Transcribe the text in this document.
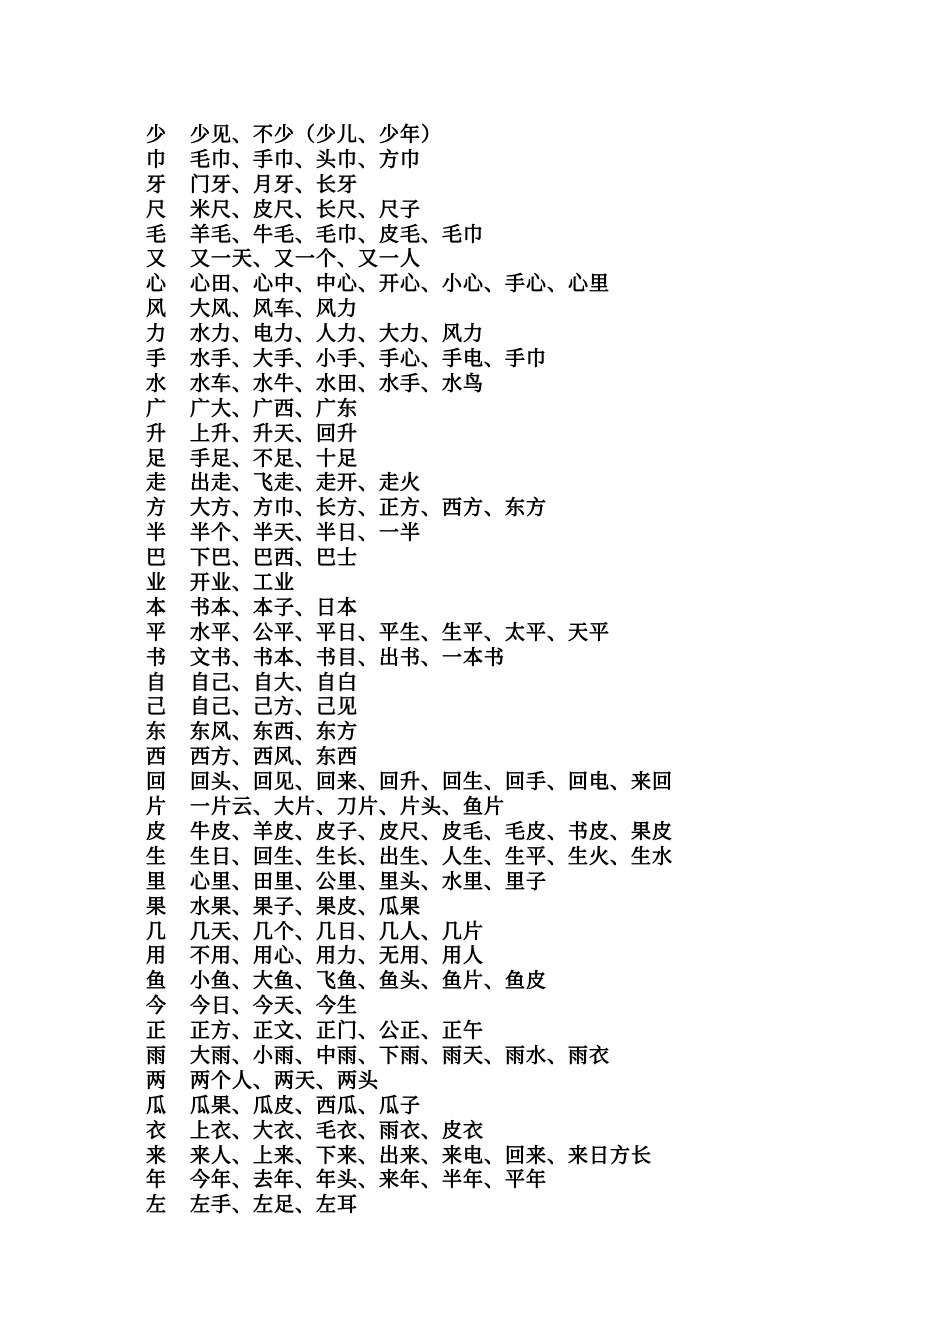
少	少见、不少（少儿、少年）
巾	毛巾、手巾、头巾、方巾
牙	门牙、月牙、长牙
尺	米尺、皮尺、长尺、尺子
毛	羊毛、牛毛、毛巾、皮毛、毛巾
又	又一天、又一个、又一人
心	心田、心中、中心、开心、小心、手心、心里
风	大风、风车、风力
力	水力、电力、人力、大力、风力
手	水手、大手、小手、手心、手电、手巾
水	水车、水牛、水田、水手、水鸟
广	广大、广西、广东
升	上升、升天、回升
足	手足、不足、十足
走	出走、飞走、走开、走火
方	大方、方巾、长方、正方、西方、东方
半	半个、半天、半日、一半
巴	下巴、巴西、巴士
业	开业、工业
本	书本、本子、日本
平	水平、公平、平日、平生、生平、太平、天平
书	文书、书本、书目、出书、一本书
自	自己、自大、自白
己	自己、己方、己见
东	东风、东西、东方
西	西方、西风、东西
回	回头、回见、回来、回升、回生、回手、回电、来回
片	一片云、大片、刀片、片头、鱼片
皮	牛皮、羊皮、皮子、皮尺、皮毛、毛皮、书皮、果皮
生	生日、回生、生长、出生、人生、生平、生火、生水
里	心里、田里、公里、里头、水里、里子
果	水果、果子、果皮、瓜果
几	几天、几个、几日、几人、几片
用	不用、用心、用力、无用、用人
鱼	小鱼、大鱼、飞鱼、鱼头、鱼片、鱼皮
今	今日、今天、今生
正	正方、正文、正门、公正、正午
雨	大雨、小雨、中雨、下雨、雨天、雨水、雨衣
两	两个人、两天、两头
瓜	瓜果、瓜皮、西瓜、瓜子
衣	上衣、大衣、毛衣、雨衣、皮衣
来	来人、上来、下来、出来、来电、回来、来日方长
年	今年、去年、年头、来年、半年、平年
左	左手、左足、左耳
